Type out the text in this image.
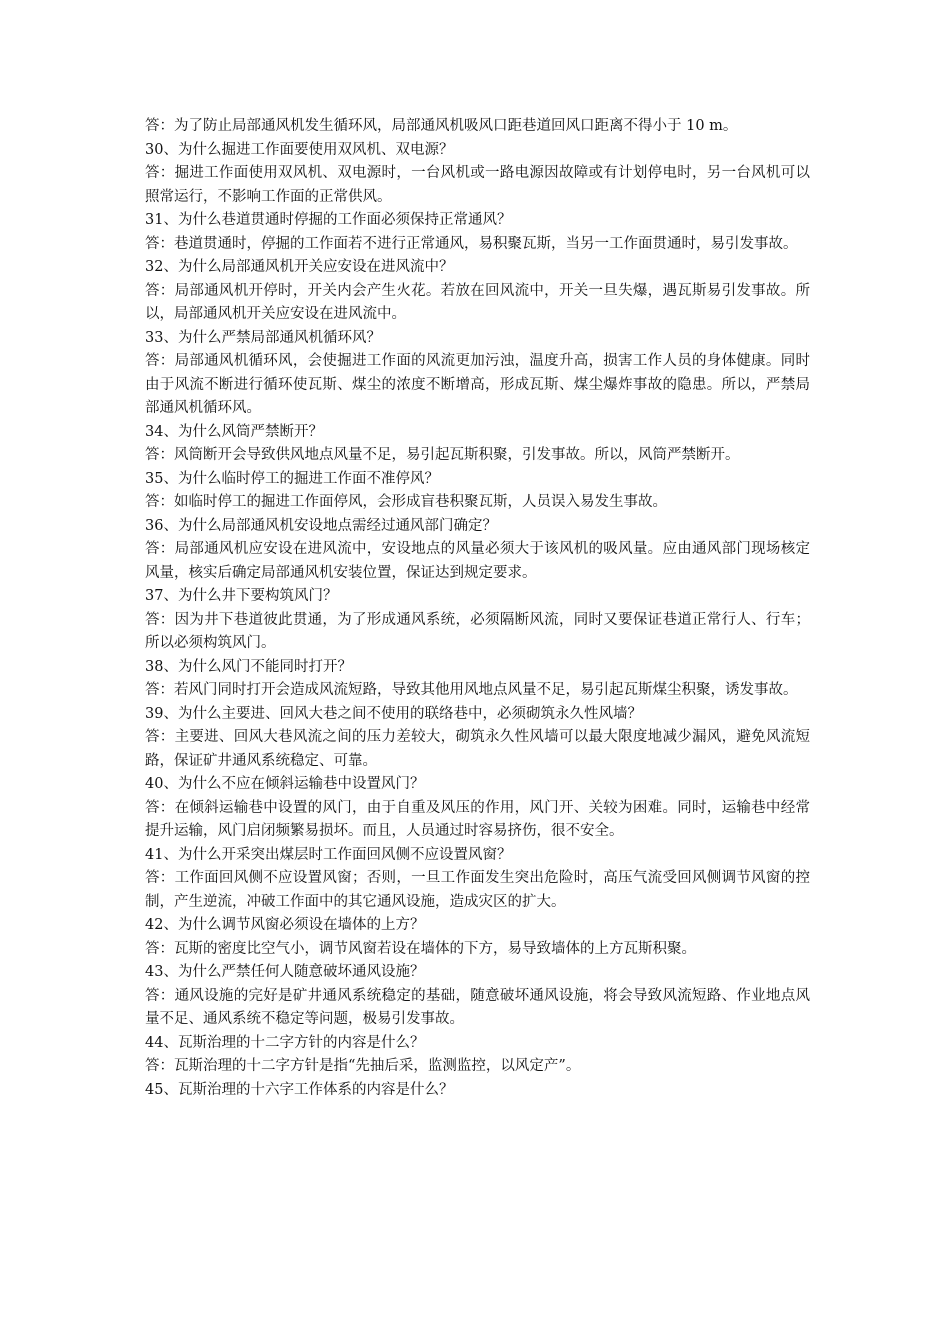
答：为了防止局部通风机发生循环风，局部通风机吸风口距巷道回风口距离不得小于 10 m。

30、为什么掘进工作面要使用双风机、双电源？

答：掘进工作面使用双风机、双电源时，一台风机或一路电源因故障或有计划停电时，另一台风机可以照常运行，不影响工作面的正常供风。

31、为什么巷道贯通时停掘的工作面必须保持正常通风？

答：巷道贯通时，停掘的工作面若不进行正常通风，易积聚瓦斯，当另一工作面贯通时，易引发事故。

32、为什么局部通风机开关应安设在进风流中？

答：局部通风机开停时，开关内会产生火花。若放在回风流中，开关一旦失爆，遇瓦斯易引发事故。所以，局部通风机开关应安设在进风流中。

33、为什么严禁局部通风机循环风？

答：局部通风机循环风，会使掘进工作面的风流更加污浊，温度升高，损害工作人员的身体健康。同时由于风流不断进行循环使瓦斯、煤尘的浓度不断增高，形成瓦斯、煤尘爆炸事故的隐患。所以，严禁局部通风机循环风。

34、为什么风筒严禁断开？

答：风筒断开会导致供风地点风量不足，易引起瓦斯积聚，引发事故。所以，风筒严禁断开。

35、为什么临时停工的掘进工作面不准停风？

答：如临时停工的掘进工作面停风，会形成盲巷积聚瓦斯，人员误入易发生事故。

36、为什么局部通风机安设地点需经过通风部门确定？

答：局部通风机应安设在进风流中，安设地点的风量必须大于该风机的吸风量。应由通风部门现场核定风量，核实后确定局部通风机安装位置，保证达到规定要求。

37、为什么井下要构筑风门？

答：因为井下巷道彼此贯通，为了形成通风系统，必须隔断风流，同时又要保证巷道正常行人、行车；所以必须构筑风门。

38、为什么风门不能同时打开？

答：若风门同时打开会造成风流短路，导致其他用风地点风量不足，易引起瓦斯煤尘积聚，诱发事故。

39、为什么主要进、回风大巷之间不使用的联络巷中，必须砌筑永久性风墙？

答：主要进、回风大巷风流之间的压力差较大，砌筑永久性风墙可以最大限度地减少漏风，避免风流短路，保证矿井通风系统稳定、可靠。

40、为什么不应在倾斜运输巷中设置风门？

答：在倾斜运输巷中设置的风门，由于自重及风压的作用，风门开、关较为困难。同时，运输巷中经常提升运输，风门启闭频繁易损坏。而且，人员通过时容易挤伤，很不安全。

41、为什么开采突出煤层时工作面回风侧不应设置风窗？

答：工作面回风侧不应设置风窗；否则，一旦工作面发生突出危险时，高压气流受回风侧调节风窗的控制，产生逆流，冲破工作面中的其它通风设施，造成灾区的扩大。

42、为什么调节风窗必须设在墙体的上方？

答：瓦斯的密度比空气小，调节风窗若设在墙体的下方，易导致墙体的上方瓦斯积聚。

43、为什么严禁任何人随意破坏通风设施？

答：通风设施的完好是矿井通风系统稳定的基础，随意破坏通风设施，将会导致风流短路、作业地点风量不足、通风系统不稳定等问题，极易引发事故。

44、瓦斯治理的十二字方针的内容是什么？

答：瓦斯治理的十二字方针是指“先抽后采，监测监控，以风定产”。

45、瓦斯治理的十六字工作体系的内容是什么？
